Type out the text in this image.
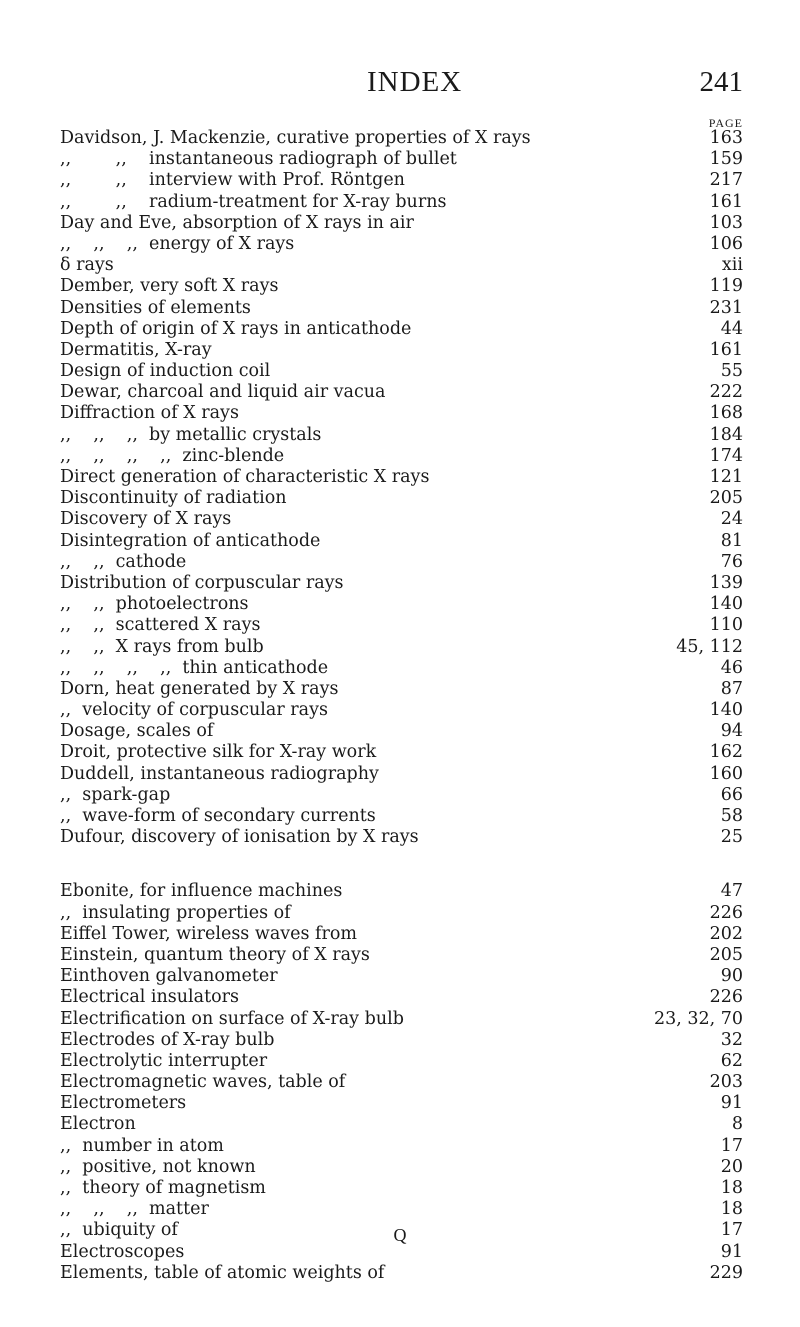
INDEX	241
PAGE
Davidson, J. Mackenzie, curative properties of X rays	163
,,        ,,    instantaneous radiograph of bullet	159
,,        ,,    interview with Prof. Röntgen	217
,,        ,,    radium-treatment for X-ray burns	161
Day and Eve, absorption of X rays in air	103
,,    ,,    ,,  energy of X rays	106
δ rays	xii
Dember, very soft X rays	119
Densities of elements	231
Depth of origin of X rays in anticathode	44
Dermatitis, X-ray	161
Design of induction coil	55
Dewar, charcoal and liquid air vacua	222
Diffraction of X rays	168
,,    ,,    ,,  by metallic crystals	184
,,    ,,    ,,    ,,  zinc-blende	174
Direct generation of characteristic X rays	121
Discontinuity of radiation	205
Discovery of X rays	24
Disintegration of anticathode	81
,,    ,,  cathode	76
Distribution of corpuscular rays	139
,,    ,,  photoelectrons	140
,,    ,,  scattered X rays	110
,,    ,,  X rays from bulb	45, 112
,,    ,,    ,,    ,,  thin anticathode	46
Dorn, heat generated by X rays	87
,,  velocity of corpuscular rays	140
Dosage, scales of	94
Droit, protective silk for X-ray work	162
Duddell, instantaneous radiography	160
,,  spark-gap	66
,,  wave-form of secondary currents	58
Dufour, discovery of ionisation by X rays	25
Ebonite, for influence machines	47
,,  insulating properties of	226
Eiffel Tower, wireless waves from	202
Einstein, quantum theory of X rays	205
Einthoven galvanometer	90
Electrical insulators	226
Electrification on surface of X-ray bulb	23, 32, 70
Electrodes of X-ray bulb	32
Electrolytic interrupter	62
Electromagnetic waves, table of	203
Electrometers	91
Electron	8
,,  number in atom	17
,,  positive, not known	20
,,  theory of magnetism	18
,,    ,,    ,,  matter	18
,,  ubiquity of	17
Electroscopes	91
Elements, table of atomic weights of	229
Q
